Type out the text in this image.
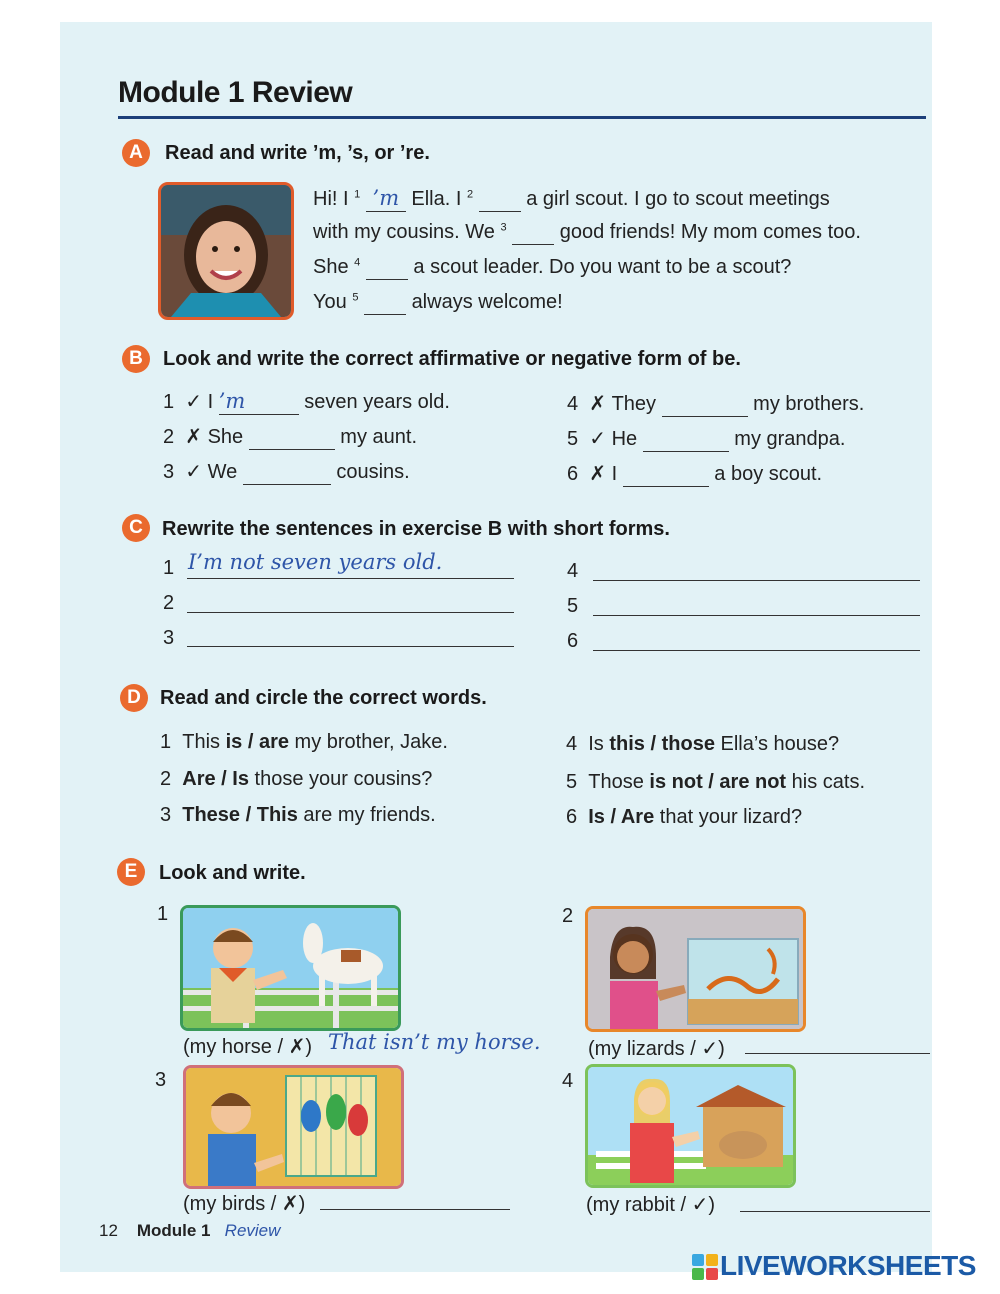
Module 1 Review
A	Read and write ’m, ’s, or ’re.
Hi! I $^1$ ’m Ella. I $^2$	a girl scout. I go to scout meetings
with my cousins. We $^3$	good friends! My mom comes too.
She $^4$	a scout leader. Do you want to be a scout?
You $^5$	always welcome!
B	Look and write the correct affirmative or negative form of be.
1 ✓ I ’m	seven years old.
2 ✗ She	my aunt.
3 ✓ We	cousins.
4 ✗ They	my brothers.
5 ✓ He	my grandpa.
6 ✗ I	a boy scout.
C Rewrite the sentences in exercise B with short forms.
1 I’m not seven years old.
2
3
4
5
6
D Read and circle the correct words.
1 This is / are my brother, Jake.
2 Are / Is those your cousins?
3 These / This are my friends.
4 Is this / those Ella’s house?
5 Those is not / are not his cats.
6 Is / Are that your lizard?
E	Look and write.
1
(my horse / ✗) That isn’t my horse.
2
(my lizards / ✓)
3
(my birds / ✗)
4
(my rabbit / ✓)
12 Module 1 Review
LIVEWORKSHEETS
